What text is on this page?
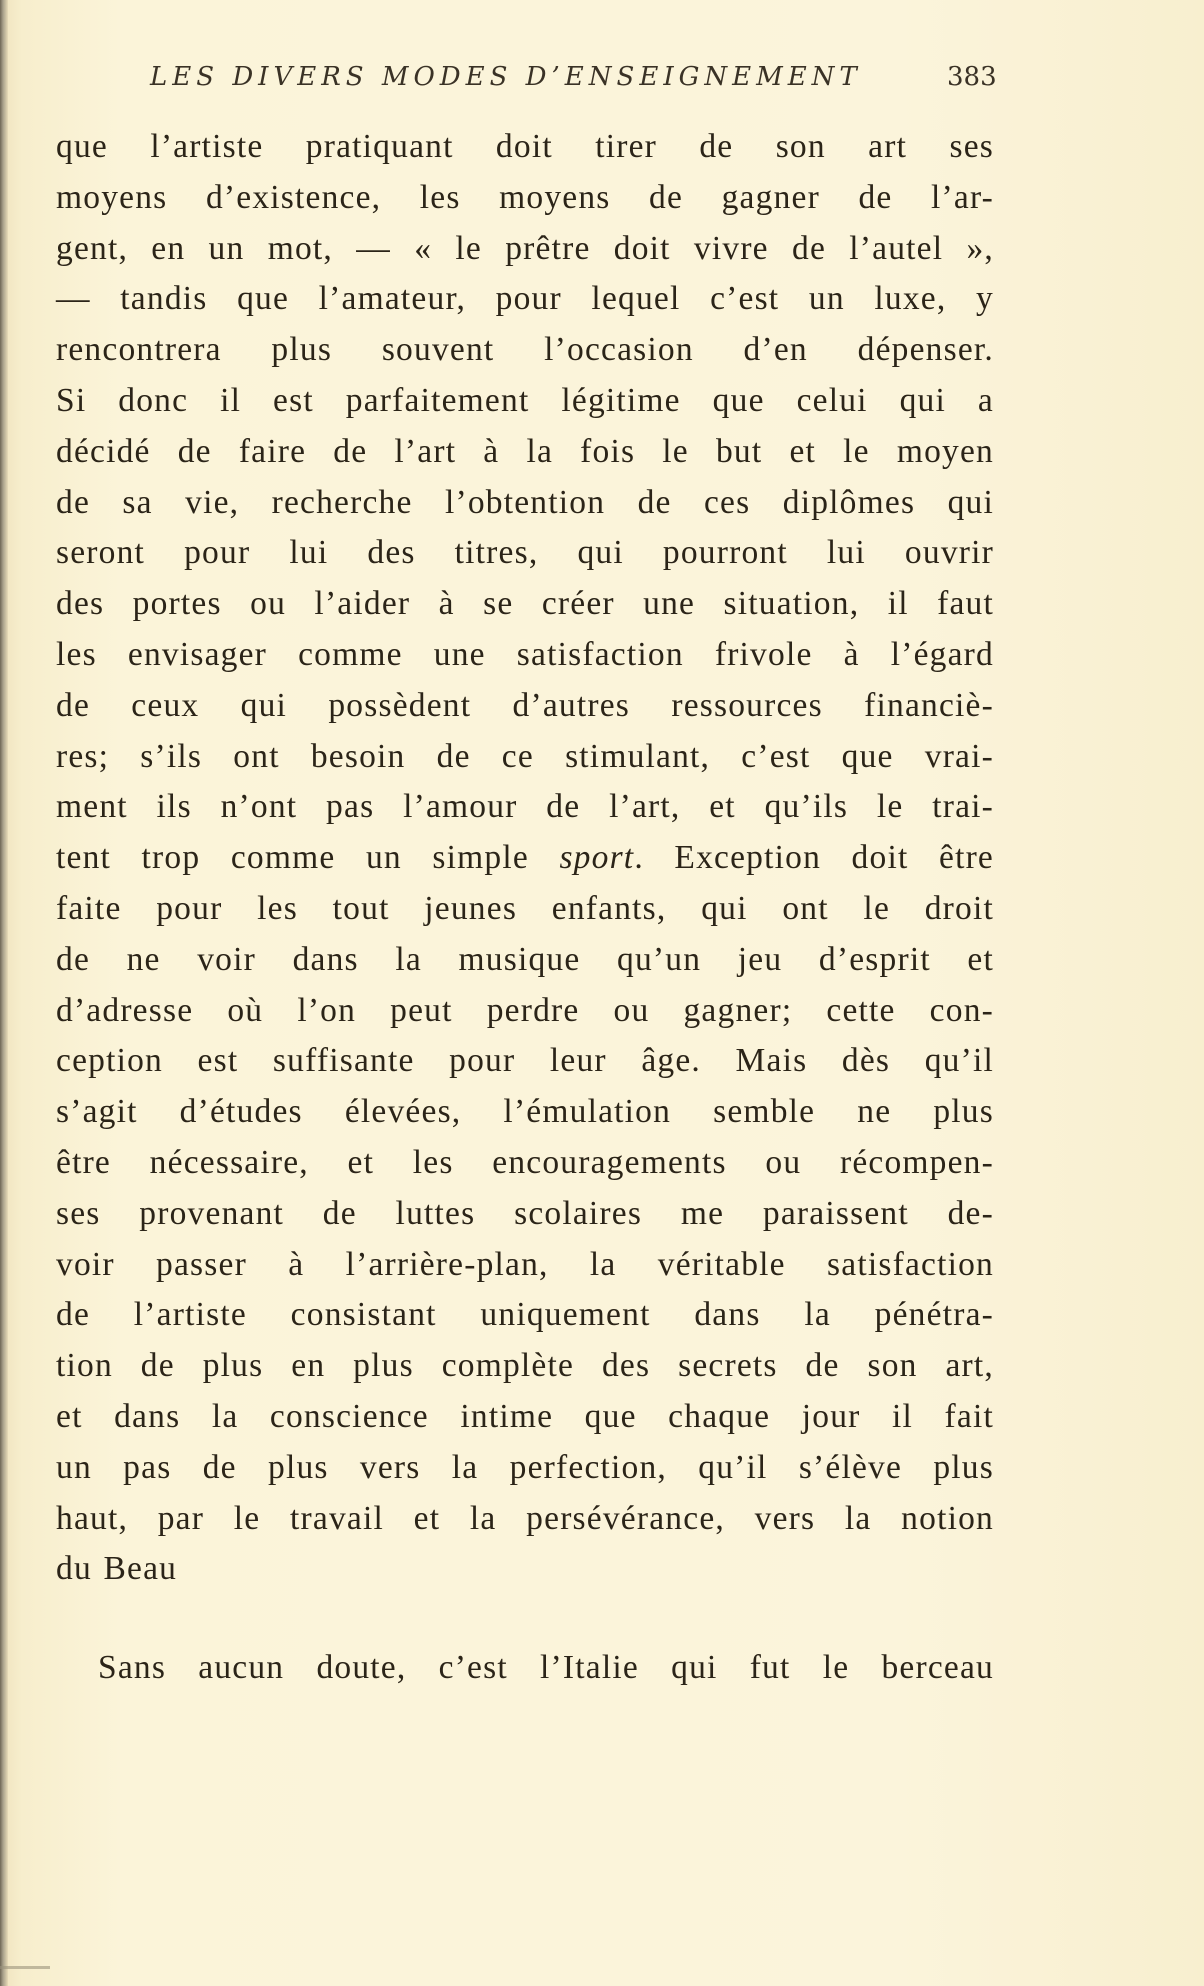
LES DIVERS MODES D’ENSEIGNEMENT	383
que l’artiste pratiquant doit tirer de son art ses
moyens d’existence, les moyens de gagner de l’ar-
gent, en un mot, — « le prêtre doit vivre de l’autel »,
— tandis que l’amateur, pour lequel c’est un luxe, y
rencontrera plus souvent l’occasion d’en dépenser.
Si donc il est parfaitement légitime que celui qui a
décidé de faire de l’art à la fois le but et le moyen
de sa vie, recherche l’obtention de ces diplômes qui
seront pour lui des titres, qui pourront lui ouvrir
des portes ou l’aider à se créer une situation, il faut
les envisager comme une satisfaction frivole à l’égard
de ceux qui possèdent d’autres ressources financiè-
res; s’ils ont besoin de ce stimulant, c’est que vrai-
ment ils n’ont pas l’amour de l’art, et qu’ils le trai-
tent trop comme un simple sport. Exception doit être
faite pour les tout jeunes enfants, qui ont le droit
de ne voir dans la musique qu’un jeu d’esprit et
d’adresse où l’on peut perdre ou gagner; cette con-
ception est suffisante pour leur âge. Mais dès qu’il
s’agit d’études élevées, l’émulation semble ne plus
être nécessaire, et les encouragements ou récompen-
ses provenant de luttes scolaires me paraissent de-
voir passer à l’arrière-plan, la véritable satisfaction
de l’artiste consistant uniquement dans la pénétra-
tion de plus en plus complète des secrets de son art,
et dans la conscience intime que chaque jour il fait
un pas de plus vers la perfection, qu’il s’élève plus
haut, par le travail et la persévérance, vers la notion
du Beau
Sans aucun doute, c’est l’Italie qui fut le berceau
